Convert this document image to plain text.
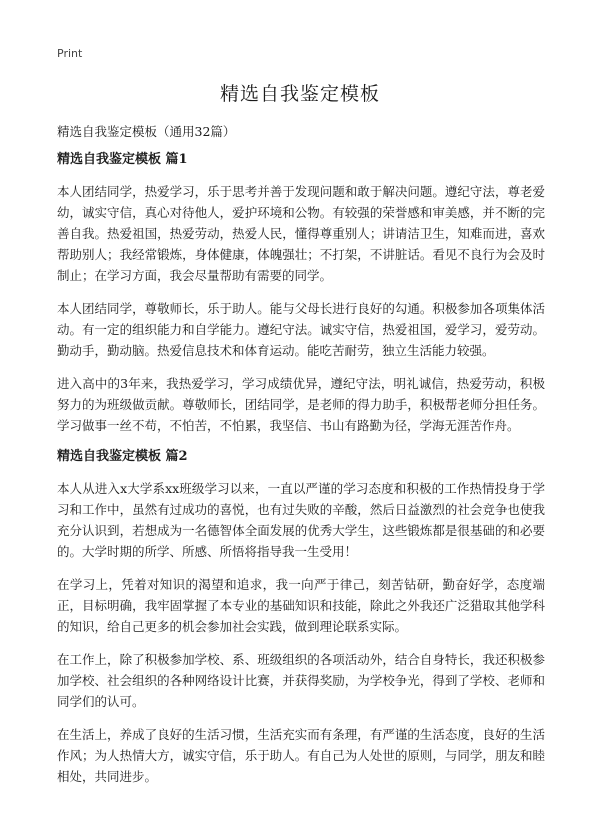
Print
精选自我鉴定模板

精选自我鉴定模板（通用32篇）

精选自我鉴定模板 篇1

本人团结同学，热爱学习，乐于思考并善于发现问题和敢于解决问题。遵纪守法，尊老爱幼，诚实守信，真心对待他人，爱护环境和公物。有较强的荣誉感和审美感，并不断的完善自我。热爱祖国，热爱劳动，热爱人民，懂得尊重别人；讲请洁卫生，知难而进，喜欢帮助别人；我经常锻炼，身体健康，体魄强壮；不打架，不讲脏话。看见不良行为会及时制止；在学习方面，我会尽量帮助有需要的同学。

本人团结同学，尊敬师长，乐于助人。能与父母长进行良好的勾通。积极参加各项集体活动。有一定的组织能力和自学能力。遵纪守法。诚实守信，热爱祖国，爱学习，爱劳动。勤动手，勤动脑。热爱信息技术和体育运动。能吃苦耐劳，独立生活能力较强。

进入高中的3年来，我热爱学习，学习成绩优异，遵纪守法，明礼诚信，热爱劳动，积极努力的为班级做贡献。尊敬师长，团结同学，是老师的得力助手，积极帮老师分担任务。学习做事一丝不苟，不怕苦，不怕累，我坚信、书山有路勤为径，学海无涯苦作舟。

精选自我鉴定模板 篇2

本人从进入x大学系xx班级学习以来，一直以严谨的学习态度和积极的工作热情投身于学习和工作中，虽然有过成功的喜悦，也有过失败的辛酸，然后日益激烈的社会竞争也使我充分认识到，若想成为一名德智体全面发展的优秀大学生，这些锻炼都是很基础的和必要的。大学时期的所学、所感、所悟将指导我一生受用！

在学习上，凭着对知识的渴望和追求，我一向严于律己，刻苦钻研，勤奋好学，态度端正，目标明确，我牢固掌握了本专业的基础知识和技能，除此之外我还广泛猎取其他学科的知识，给自己更多的机会参加社会实践，做到理论联系实际。

在工作上，除了积极参加学校、系、班级组织的各项活动外，结合自身特长，我还积极参加学校、社会组织的各种网络设计比赛，并获得奖励，为学校争光，得到了学校、老师和同学们的认可。

在生活上，养成了良好的生活习惯，生活充实而有条理，有严谨的生活态度，良好的生活作风；为人热情大方，诚实守信，乐于助人。有自己为人处世的原则，与同学，朋友和睦相处，共同进步。
